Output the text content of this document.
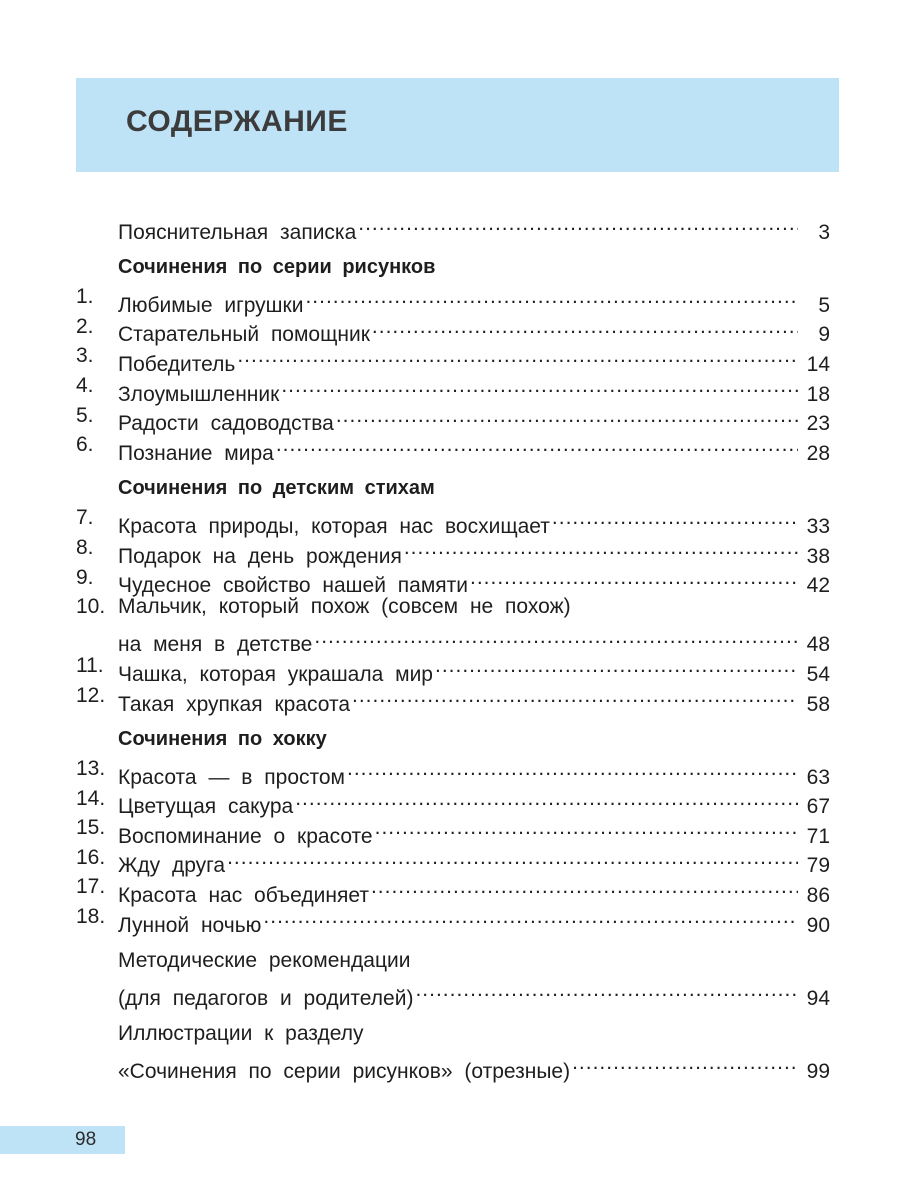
СОДЕРЖАНИЕ
Пояснительная записка .....	3
Сочинения по серии рисунков
1. Любимые игрушки .....	5
2. Старательный помощник .....	9
3. Победитель .....	14
4. Злоумышленник .....	18
5. Радости садоводства .....	23
6. Познание мира .....	28
Сочинения по детским стихам
7. Красота природы, которая нас восхищает .....	33
8. Подарок на день рождения .....	38
9. Чудесное свойство нашей памяти .....	42
10. Мальчик, который похож (совсем не похож)
на меня в детстве .....	48
11. Чашка, которая украшала мир .....	54
12. Такая хрупкая красота .....	58
Сочинения по хокку
13. Красота — в простом .....	63
14. Цветущая сакура .....	67
15. Воспоминание о красоте .....	71
16. Жду друга .....	79
17. Красота нас объединяет .....	86
18. Лунной ночью .....	90
Методические рекомендации
(для педагогов и родителей) .....	94
Иллюстрации к разделу
«Сочинения по серии рисунков» (отрезные) .....	99
98
